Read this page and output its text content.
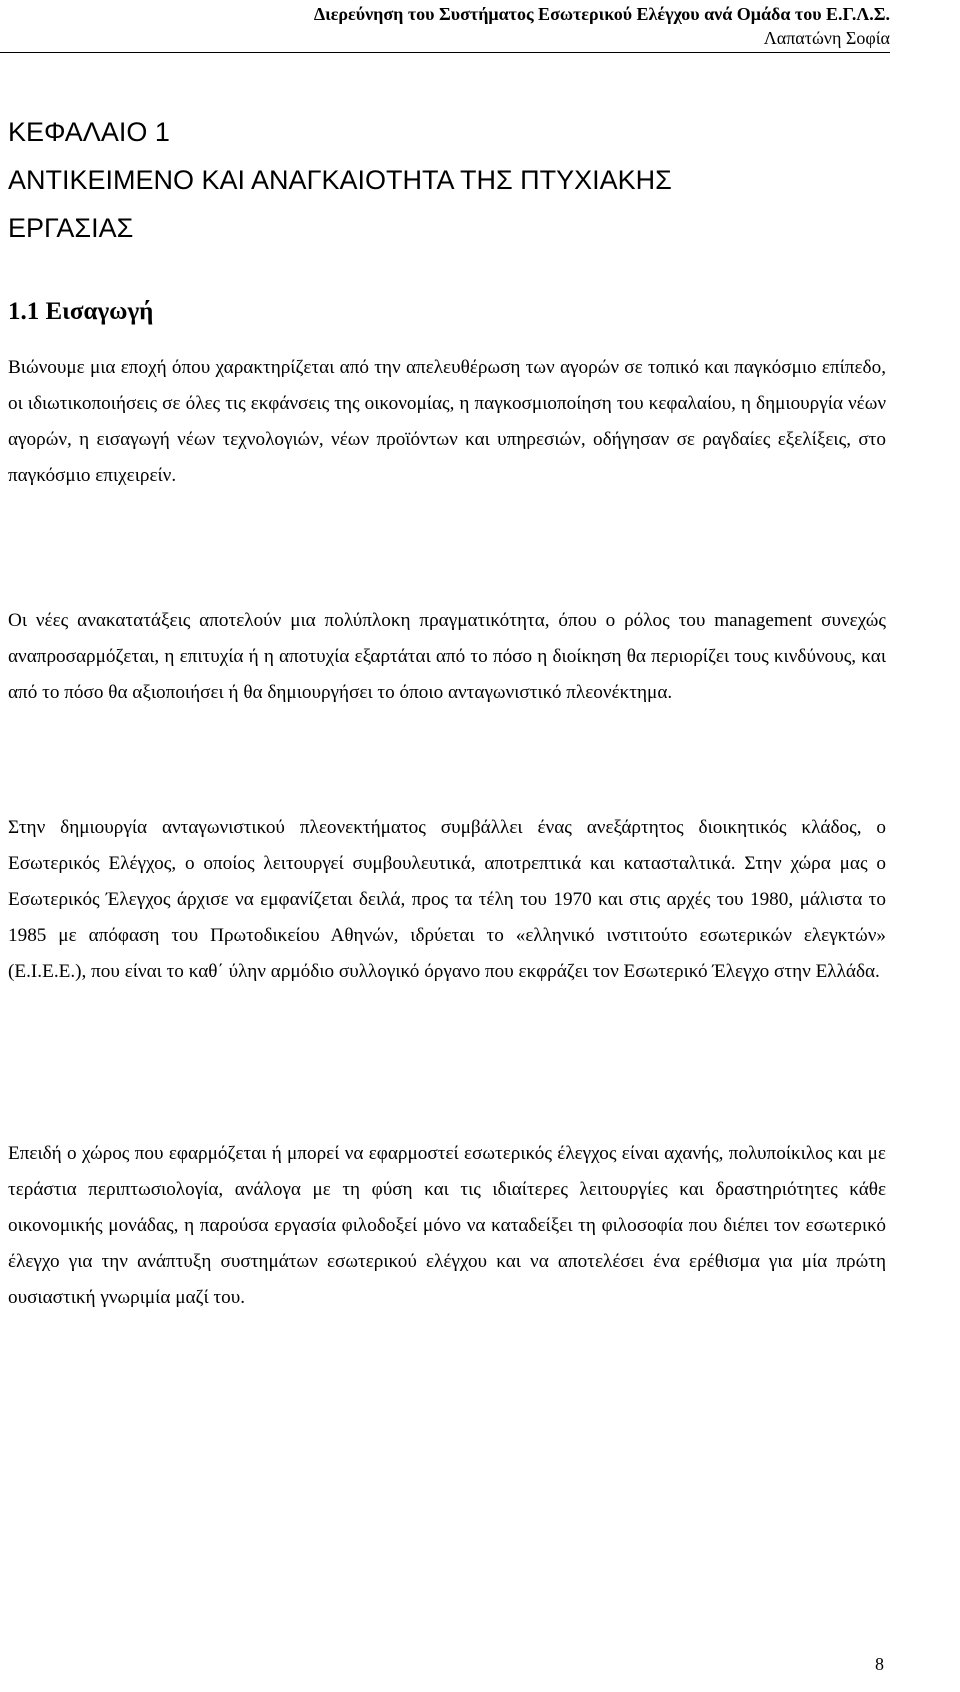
Διερεύνηση του Συστήματος Εσωτερικού Ελέγχου ανά Ομάδα του Ε.Γ.Λ.Σ.
Λαπατώνη Σοφία
ΚΕΦΑΛΑΙΟ 1
ΑΝΤΙΚΕΙΜΕΝΟ ΚΑΙ ΑΝΑΓΚΑΙΟΤΗΤΑ ΤΗΣ ΠΤΥΧΙΑΚΗΣ
ΕΡΓΑΣΙΑΣ
1.1 Εισαγωγή

Βιώνουμε μια εποχή όπου χαρακτηρίζεται από την απελευθέρωση των αγορών σε τοπικό και παγκόσμιο επίπεδο, οι ιδιωτικοποιήσεις σε όλες τις εκφάνσεις της οικονομίας, η παγκοσμιοποίηση του κεφαλαίου, η δημιουργία νέων αγορών, η εισαγωγή νέων τεχνολογιών, νέων προϊόντων και υπηρεσιών, οδήγησαν σε ραγδαίες εξελίξεις, στο παγκόσμιο επιχειρείν.

Οι νέες ανακατατάξεις αποτελούν μια πολύπλοκη πραγματικότητα, όπου ο ρόλος του management συνεχώς αναπροσαρμόζεται, η επιτυχία ή η αποτυχία εξαρτάται από το πόσο η διοίκηση θα περιορίζει τους κινδύνους, και από το πόσο θα αξιοποιήσει ή θα δημιουργήσει το όποιο ανταγωνιστικό πλεονέκτημα.

Στην δημιουργία ανταγωνιστικού πλεονεκτήματος συμβάλλει ένας ανεξάρτητος διοικητικός κλάδος, ο Εσωτερικός Ελέγχος, ο οποίος λειτουργεί συμβουλευτικά, αποτρεπτικά και κατασταλτικά. Στην χώρα μας ο Εσωτερικός Έλεγχος άρχισε να εμφανίζεται δειλά, προς τα τέλη του 1970 και στις αρχές του 1980, μάλιστα το 1985 με απόφαση του Πρωτοδικείου Αθηνών, ιδρύεται το «ελληνικό ινστιτούτο εσωτερικών ελεγκτών» (Ε.Ι.Ε.Ε.), που είναι το καθ΄ ύλην αρμόδιο συλλογικό όργανο που εκφράζει τον Εσωτερικό Έλεγχο στην Ελλάδα.

Επειδή ο χώρος που εφαρμόζεται ή μπορεί να εφαρμοστεί εσωτερικός έλεγχος είναι αχανής, πολυποίκιλος και με τεράστια περιπτωσιολογία, ανάλογα με τη φύση και τις ιδιαίτερες λειτουργίες και δραστηριότητες κάθε οικονομικής μονάδας, η παρούσα εργασία φιλοδοξεί μόνο να καταδείξει τη φιλοσοφία που διέπει τον εσωτερικό έλεγχο για την ανάπτυξη συστημάτων εσωτερικού ελέγχου και να αποτελέσει ένα ερέθισμα για μία πρώτη ουσιαστική γνωριμία μαζί του.

8
